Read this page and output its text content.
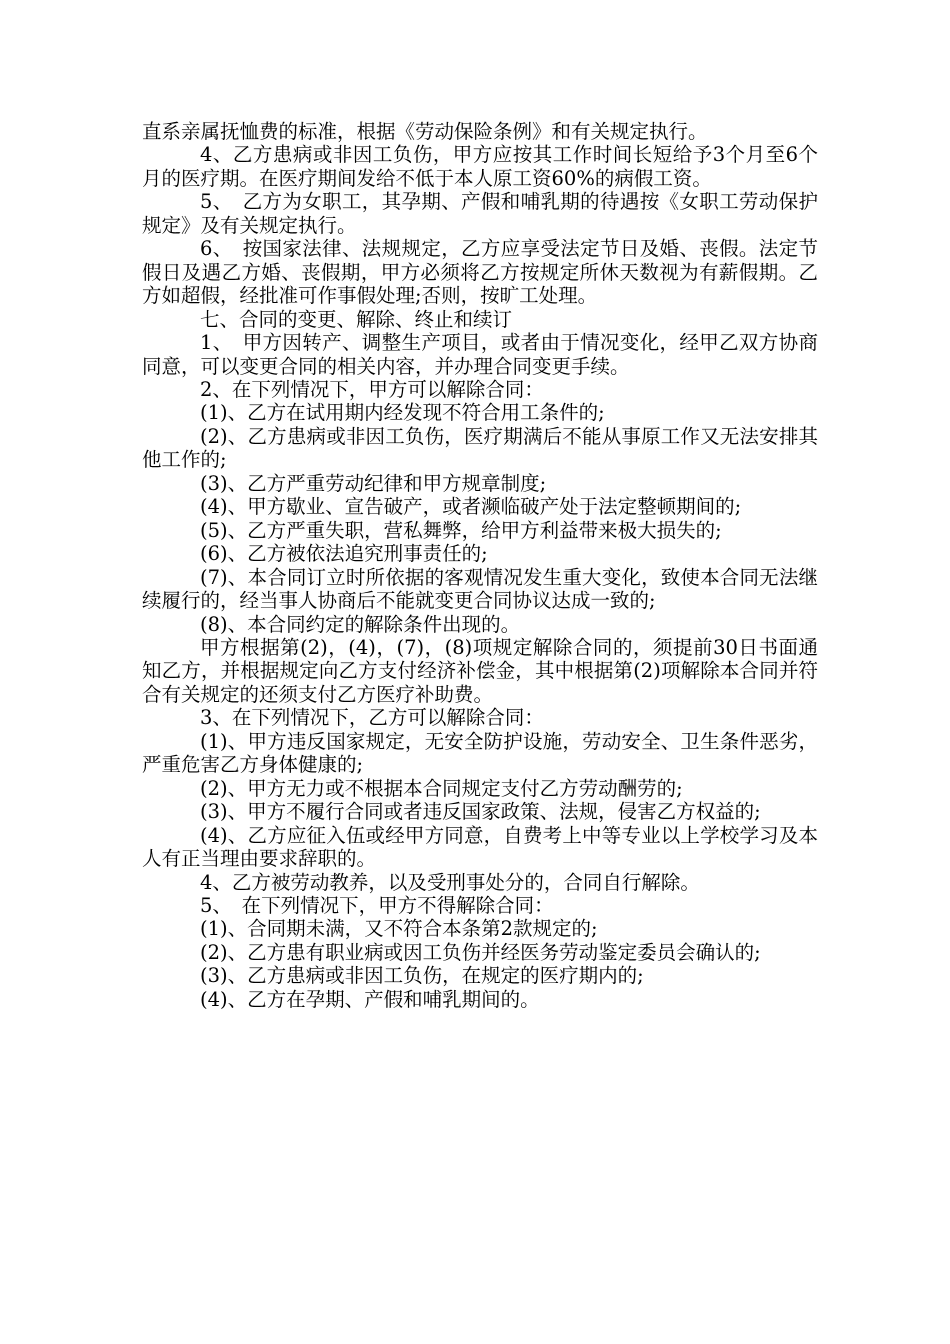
直系亲属抚恤费的标准，根据《劳动保险条例》和有关规定执行。

4、乙方患病或非因工负伤，甲方应按其工作时间长短给予3个月至6个月的医疗期。在医疗期间发给不低于本人原工资60%的病假工资。

5、　乙方为女职工，其孕期、产假和哺乳期的待遇按《女职工劳动保护规定》及有关规定执行。

6、　按国家法律、法规规定，乙方应享受法定节日及婚、丧假。法定节假日及遇乙方婚、丧假期，甲方必须将乙方按规定所休天数视为有薪假期。乙方如超假，经批准可作事假处理;否则，按旷工处理。

七、合同的变更、解除、终止和续订

1、　甲方因转产、调整生产项目，或者由于情况变化，经甲乙双方协商同意，可以变更合同的相关内容，并办理合同变更手续。

2、在下列情况下，甲方可以解除合同：

(1)、乙方在试用期内经发现不符合用工条件的;

(2)、乙方患病或非因工负伤，医疗期满后不能从事原工作又无法安排其他工作的;

(3)、乙方严重劳动纪律和甲方规章制度;

(4)、甲方歇业、宣告破产，或者濒临破产处于法定整顿期间的;

(5)、乙方严重失职，营私舞弊，给甲方利益带来极大损失的;

(6)、乙方被依法追究刑事责任的;

(7)、本合同订立时所依据的客观情况发生重大变化，致使本合同无法继续履行的，经当事人协商后不能就变更合同协议达成一致的;

(8)、本合同约定的解除条件出现的。

甲方根据第(2)，(4)，(7)，(8)项规定解除合同的，须提前30日书面通知乙方，并根据规定向乙方支付经济补偿金，其中根据第(2)项解除本合同并符合有关规定的还须支付乙方医疗补助费。

3、在下列情况下，乙方可以解除合同：

(1)、甲方违反国家规定，无安全防护设施，劳动安全、卫生条件恶劣，严重危害乙方身体健康的;

(2)、甲方无力或不根据本合同规定支付乙方劳动酬劳的;

(3)、甲方不履行合同或者违反国家政策、法规，侵害乙方权益的;

(4)、乙方应征入伍或经甲方同意，自费考上中等专业以上学校学习及本人有正当理由要求辞职的。

4、乙方被劳动教养，以及受刑事处分的，合同自行解除。

5、　在下列情况下，甲方不得解除合同：

(1)、合同期未满，又不符合本条第2款规定的;

(2)、乙方患有职业病或因工负伤并经医务劳动鉴定委员会确认的;

(3)、乙方患病或非因工负伤，在规定的医疗期内的;

(4)、乙方在孕期、产假和哺乳期间的。
